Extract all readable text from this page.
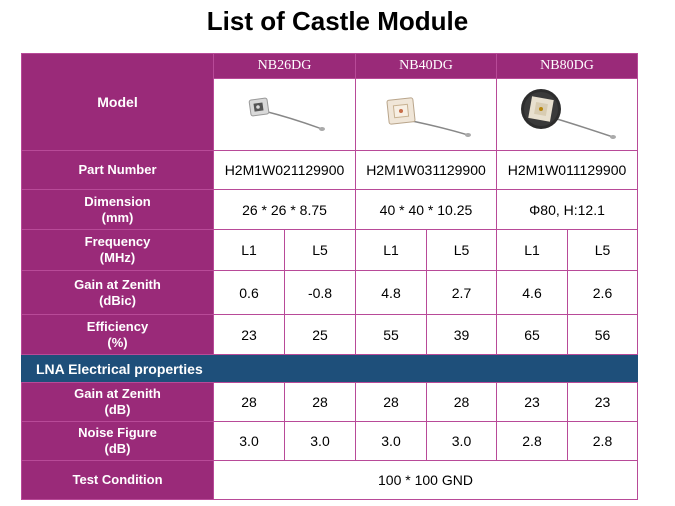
List of Castle Module
Model	NB26DG		NB40DG		NB80DG	

Part Number	H2M1W021129900		H2M1W031129900		H2M1W011129900	

Dimension
(mm)	26 * 26 * 8.75		40 * 40 * 10.25		Φ80, H:12.1	

Frequency
(MHz)	L1	L5	L1	L5	L1	L5

Gain at Zenith
(dBic)	0.6	-0.8	4.8	2.7	4.6	2.6

Efficiency
(%)	23	25	55	39	65	56
LNA Electrical properties						

Gain at Zenith
(dB)	28	28	28	28	23	23

Noise Figure
(dB)	3.0	3.0	3.0	3.0	2.8	2.8
Test Condition	100 * 100 GND					
